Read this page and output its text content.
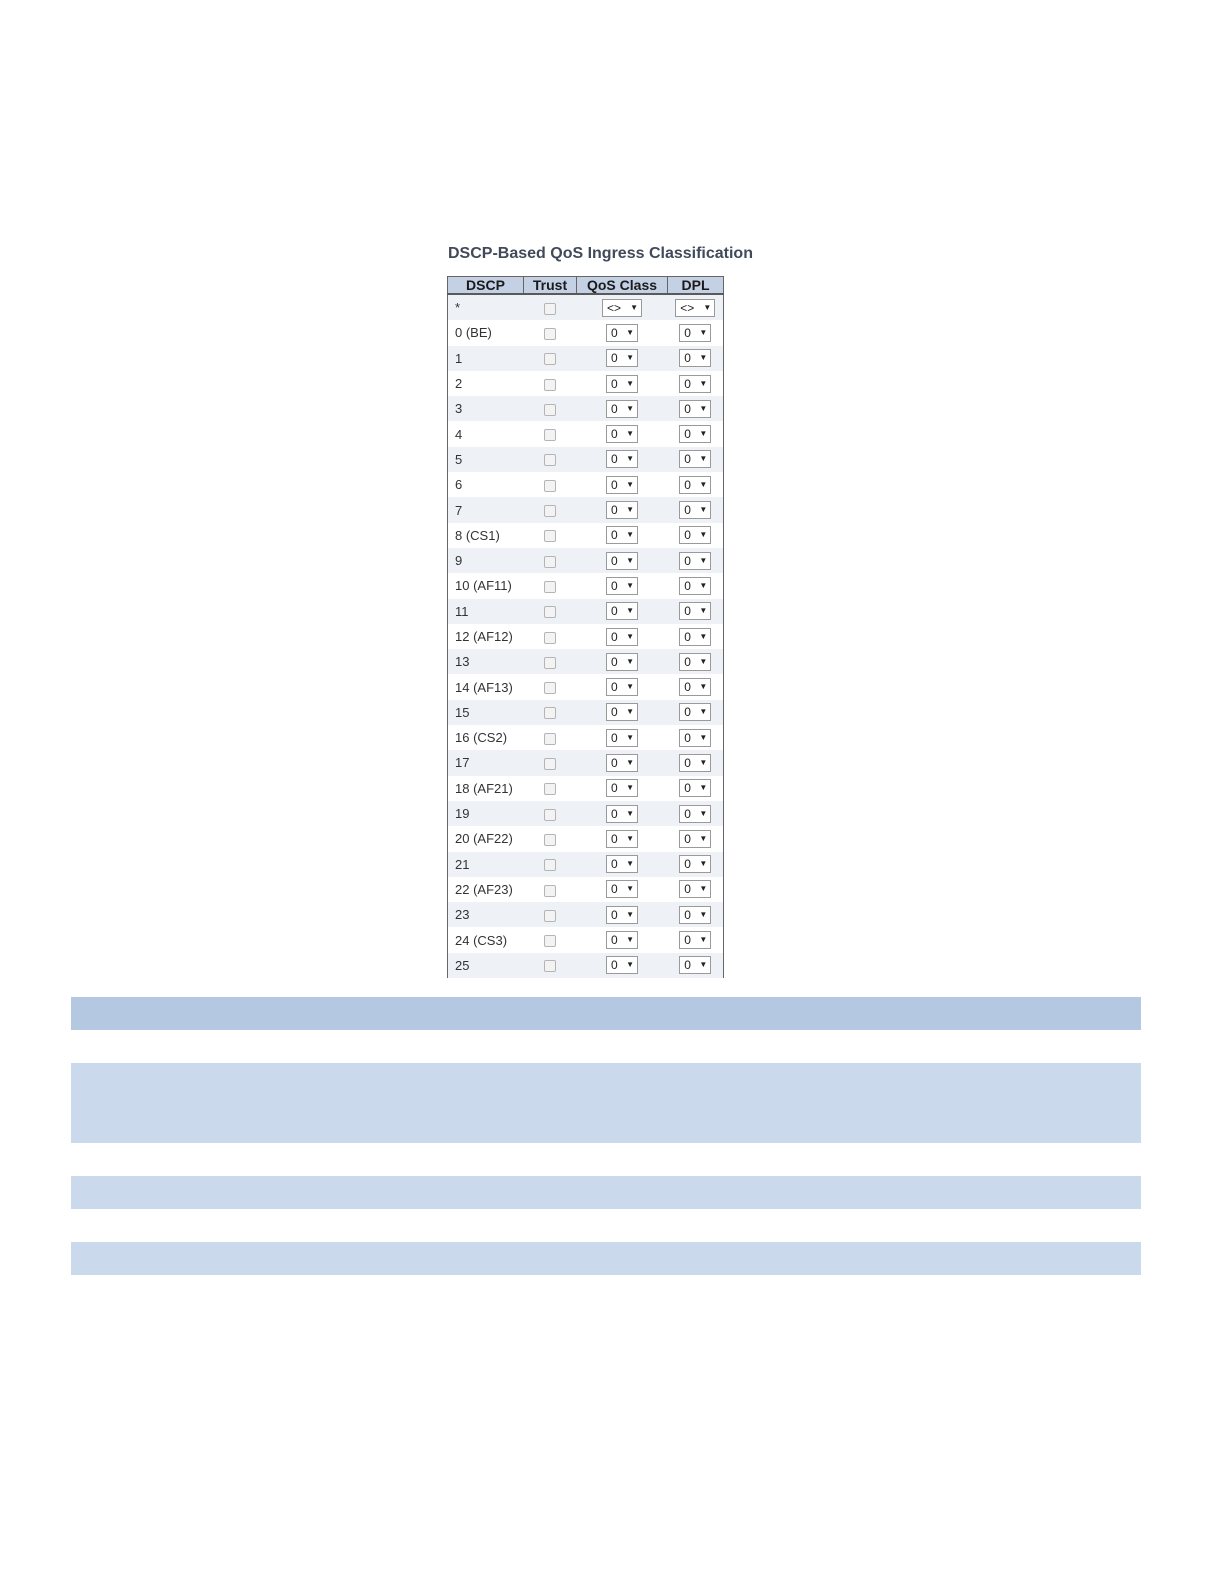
DSCP-Based QoS Ingress Classification
DSCP	Trust	QoS Class	DPL
*		<> ▼	<> ▼

0 (BE)		0 ▼	0 ▼

1		0 ▼	0 ▼

2		0 ▼	0 ▼

3		0 ▼	0 ▼

4		0 ▼	0 ▼

5		0 ▼	0 ▼

6		0 ▼	0 ▼

7		0 ▼	0 ▼

8 (CS1)		0 ▼	0 ▼

9		0 ▼	0 ▼

10 (AF11)		0 ▼	0 ▼

11		0 ▼	0 ▼

12 (AF12)		0 ▼	0 ▼

13		0 ▼	0 ▼

14 (AF13)		0 ▼	0 ▼

15		0 ▼	0 ▼

16 (CS2)		0 ▼	0 ▼

17		0 ▼	0 ▼

18 (AF21)		0 ▼	0 ▼

19		0 ▼	0 ▼

20 (AF22)		0 ▼	0 ▼

21		0 ▼	0 ▼

22 (AF23)		0 ▼	0 ▼

23		0 ▼	0 ▼

24 (CS3)		0 ▼	0 ▼

25		0 ▼	0 ▼
